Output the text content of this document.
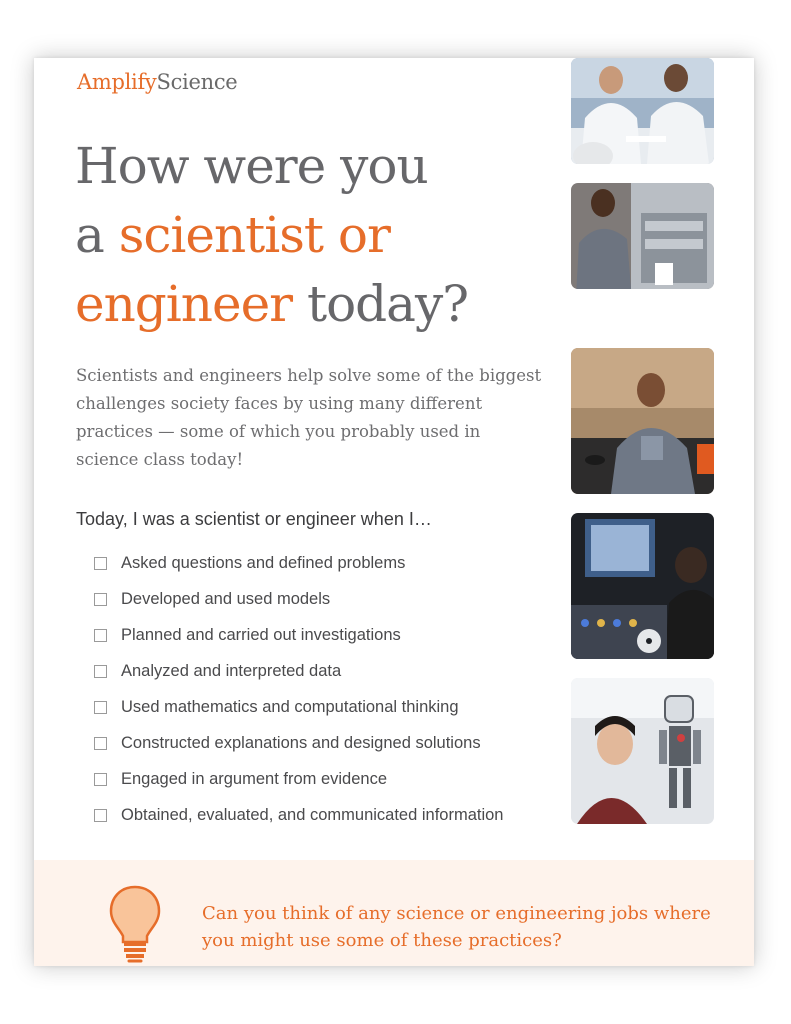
AmplifyScience
How were you
a scientist or
engineer today?

Scientists and engineers help solve some of the biggest challenges society faces by using many different practices — some of which you probably used in science class today!

Today, I was a scientist or engineer when I…
Asked questions and defined problems
Developed and used models
Planned and carried out investigations
Analyzed and interpreted data
Used mathematics and computational thinking
Constructed explanations and designed solutions
Engaged in argument from evidence
Obtained, evaluated, and communicated information

Can you think of any science or engineering jobs where you might use some of these practices?
